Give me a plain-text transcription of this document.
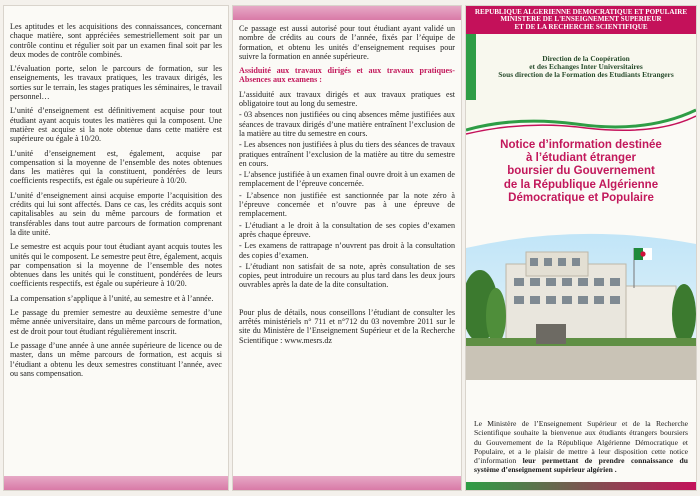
Les aptitudes et les acquisitions des connaissances, concernant chaque matière, sont appréciées semestriellement soit par un contrôle continu et régulier soit par un examen final soit par les deux modes de contrôle combinés.

L’évaluation porte, selon le parcours de formation, sur les enseignements, les travaux pratiques, les travaux dirigés, les sorties sur le terrain, les stages pratiques les séminaires, le travail personnel…

L’unité d’enseignement est définitivement acquise pour tout étudiant ayant acquis toutes les matières qui la composent. Une matière est acquise si la note obtenue dans cette matière est supérieure ou égale à 10/20.

L’unité d’enseignement est, également, acquise par compensation si la moyenne de l’ensemble des notes obtenues dans les matières qui la constituent, pondérées de leurs coefficients respectifs, est égale ou supérieure à 10/20.

L’unité d’enseignement ainsi acquise emporte l’acquisition des crédits qui lui sont affectés. Dans ce cas, les crédits acquis sont capitalisables au sein du même parcours de formation et transférables dans tout autre parcours de formation comprenant la dite unité.

Le semestre est acquis pour tout étudiant ayant acquis toutes les unités qui le composent. Le semestre peut être, également, acquis par compensation si la moyenne de l’ensemble des notes obtenues dans les unités qui le constituent, pondérées de leurs coefficients respectifs, est égale ou supérieure à 10/20.

La compensation s’applique à l’unité, au semestre et à l’année.

Le passage du premier semestre au deuxième semestre d’une même année universitaire, dans un même parcours de formation, est de droit pour tout étudiant régulièrement inscrit.

Le passage d’une année à une année supérieure de licence ou de master, dans un même parcours de formation, est acquis si l’étudiant a obtenu les deux semestres constituant l’année, avec ou sans compensation.

Ce passage est aussi autorisé pour tout étudiant ayant validé un nombre de crédits au cours de l’année, fixés par l’équipe de formation, et obtenu les unités d’enseignement requises pour suivre la formation en année supérieure.

Assiduité aux travaux dirigés et aux travaux pratiques- Absences aux examens :

L’assiduité aux travaux dirigés et aux travaux pratiques est obligatoire tout au long du semestre.

- 03 absences non justifiées ou cinq absences même justifiées aux séances de travaux dirigés d’une matière entraînent l’exclusion de la matière au titre du semestre en cours.

- Les absences non justifiées à plus du tiers des séances de travaux pratiques entraînent l’exclusion de la matière au titre du semestre en cours.

- L’absence justifiée à un examen final ouvre droit à un examen de remplacement de l’épreuve concernée.

- L’absence non justifiée est sanctionnée par la note zéro à l’épreuve concernée et n’ouvre pas à une épreuve de remplacement.

- L’étudiant a le droit à la consultation de ses copies d’examen après chaque épreuve.

- Les examens de rattrapage n’ouvrent pas droit à la consultation des copies d’examen.

- L’étudiant non satisfait de sa note, après consultation de ses copies, peut introduire un recours au plus tard dans les deux jours ouvrables après la date de la dite consultation.

Pour plus de détails, nous conseillons l’étudiant de consulter les arrêtés ministériels n° 711 et n°712 du 03 novembre 2011 sur le site du Ministère de l’Enseignement Supérieur et de la Recherche Scientifique : www.mesrs.dz

REPUBLIQUE ALGERIENNE DEMOCRATIQUE ET POPULAIRE
MINISTERE DE L'ENSEIGNEMENT SUPERIEUR
ET DE LA RECHERCHE SCIENTIFIQUE
Direction de la Coopération
et des Echanges Inter Universitaires
Sous direction de la Formation des Etudiants Etrangers
Notice d’information destinée
à l’étudiant étranger
boursier du Gouvernement
de la République Algérienne
Démocratique et Populaire
Le Ministère de l’Enseignement Supérieur et de la Recherche Scientifique souhaite la bienvenue aux étudiants étrangers boursiers du Gouvernement de la République Algérienne Démocratique et Populaire, et a le plaisir de mettre à leur disposition cette notice d’information leur permettant de prendre connaissance du système d’enseignement supérieur algérien .
